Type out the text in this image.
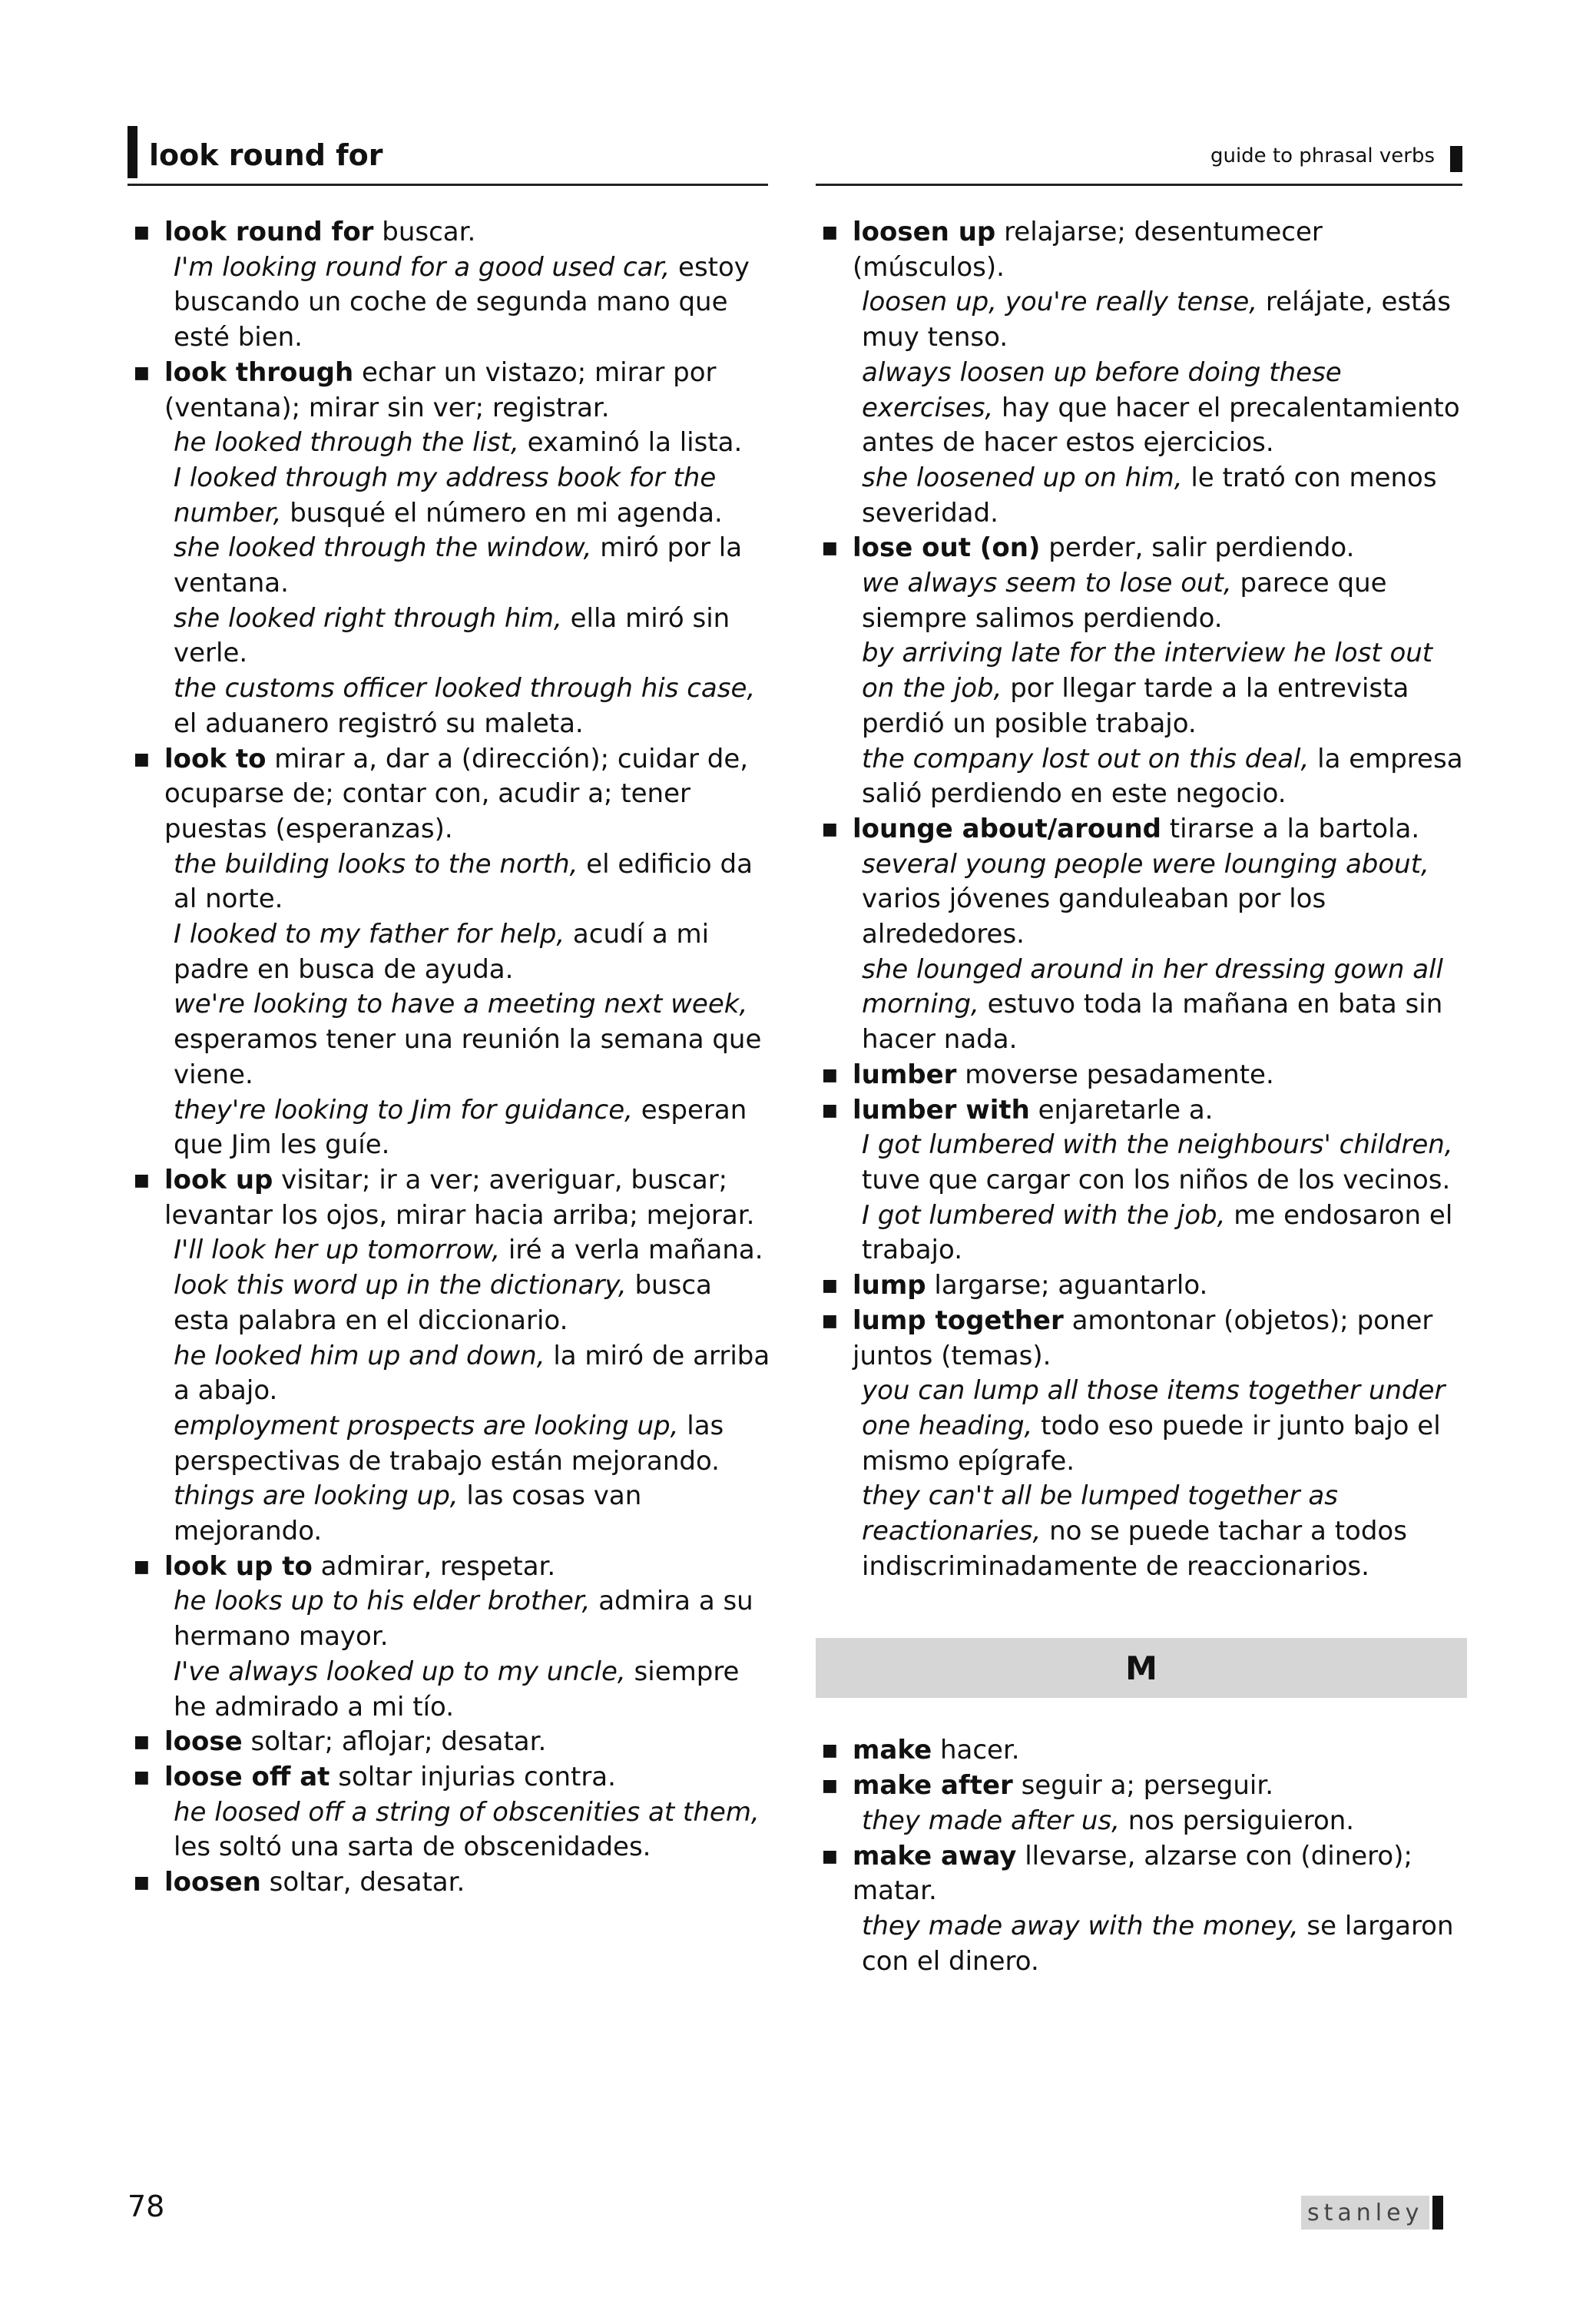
look round for	guide to phrasal verbs
■ look round for buscar.
I'm looking round for a good used car, estoy buscando un coche de segunda mano que esté bien.
■ look through echar un vistazo; mirar por (ventana); mirar sin ver; registrar.
he looked through the list, examinó la lista.
I looked through my address book for the number, busqué el número en mi agenda.
she looked through the window, miró por la ventana.
she looked right through him, ella miró sin verle.
the customs officer looked through his case, el aduanero registró su maleta.
■ look to mirar a, dar a (dirección); cuidar de, ocuparse de; contar con, acudir a; tener puestas (esperanzas).
the building looks to the north, el edificio da al norte.
I looked to my father for help, acudí a mi padre en busca de ayuda.
we're looking to have a meeting next week, esperamos tener una reunión la semana que viene.
they're looking to Jim for guidance, esperan que Jim les guíe.
■ look up visitar; ir a ver; averiguar, buscar; levantar los ojos, mirar hacia arriba; mejorar.
I'll look her up tomorrow, iré a verla mañana.
look this word up in the dictionary, busca esta palabra en el diccionario.
he looked him up and down, la miró de arriba a abajo.
employment prospects are looking up, las perspectivas de trabajo están mejorando.
things are looking up, las cosas van mejorando.
■ look up to admirar, respetar.
he looks up to his elder brother, admira a su hermano mayor.
I've always looked up to my uncle, siempre he admirado a mi tío.
■ loose soltar; aflojar; desatar.
■ loose off at soltar injurias contra.
he loosed off a string of obscenities at them, les soltó una sarta de obscenidades.
■ loosen soltar, desatar.
■ loosen up relajarse; desentumecer (músculos).
loosen up, you're really tense, relájate, estás muy tenso.
always loosen up before doing these exercises, hay que hacer el precalentamiento antes de hacer estos ejercicios.
she loosened up on him, le trató con menos severidad.
■ lose out (on) perder, salir perdiendo.
we always seem to lose out, parece que siempre salimos perdiendo.
by arriving late for the interview he lost out on the job, por llegar tarde a la entrevista perdió un posible trabajo.
the company lost out on this deal, la empresa salió perdiendo en este negocio.
■ lounge about/around tirarse a la bartola.
several young people were lounging about, varios jóvenes ganduleaban por los alrededores.
she lounged around in her dressing gown all morning, estuvo toda la mañana en bata sin hacer nada.
■ lumber moverse pesadamente.
■ lumber with enjaretarle a.
I got lumbered with the neighbours' children, tuve que cargar con los niños de los vecinos.
I got lumbered with the job, me endosaron el trabajo.
■ lump largarse; aguantarlo.
■ lump together amontonar (objetos); poner juntos (temas).
you can lump all those items together under one heading, todo eso puede ir junto bajo el mismo epígrafe.
they can't all be lumped together as reactionaries, no se puede tachar a todos indiscriminadamente de reaccionarios.
M
■ make hacer.
■ make after seguir a; perseguir.
they made after us, nos persiguieron.
■ make away llevarse, alzarse con (dinero); matar.
they made away with the money, se largaron con el dinero.
78	stanley
